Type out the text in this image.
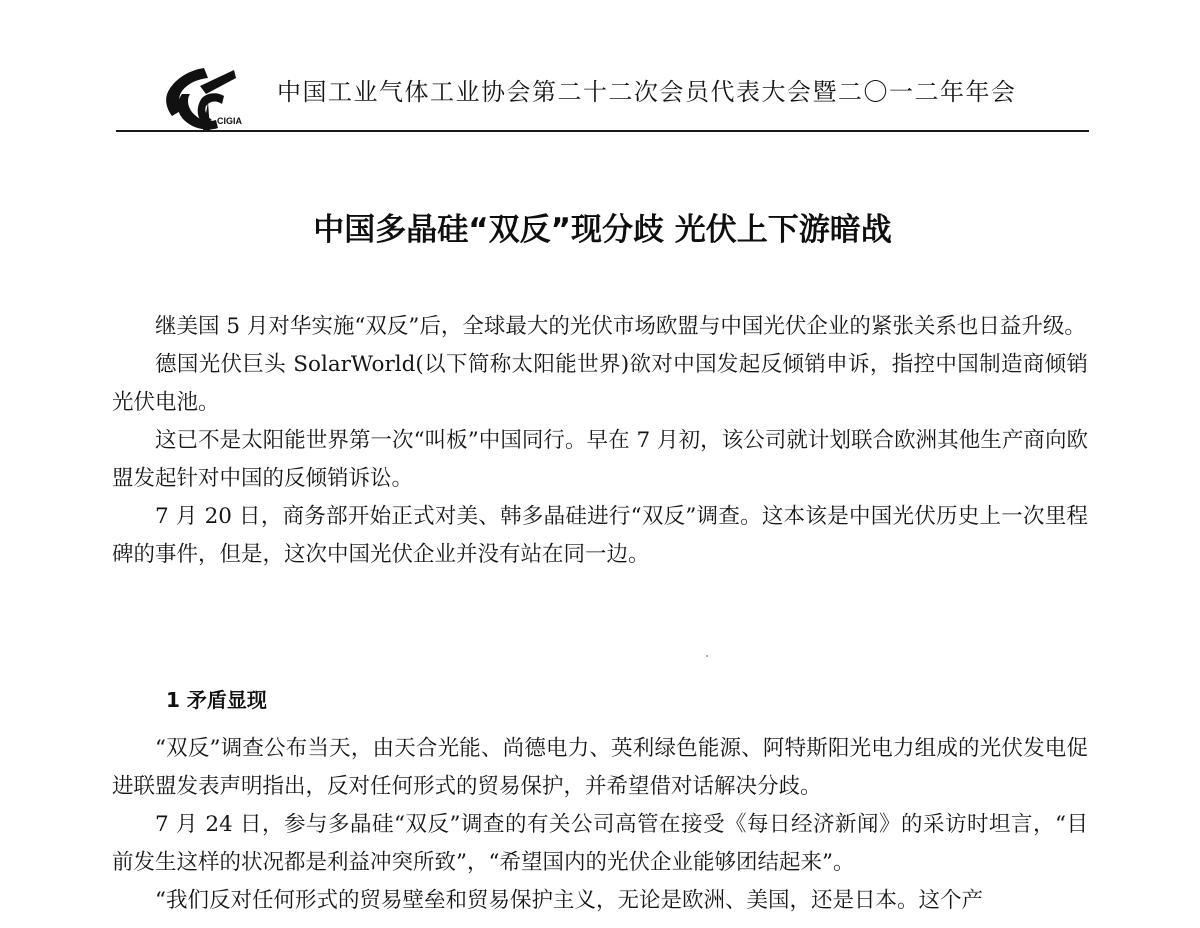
CIGIA
中国工业气体工业协会第二十二次会员代表大会暨二〇一二年年会
中国多晶硅“双反”现分歧 光伏上下游暗战

继美国 5 月对华实施“双反”后，全球最大的光伏市场欧盟与中国光伏企业的紧张关系也日益升级。

德国光伏巨头 SolarWorld(以下简称太阳能世界)欲对中国发起反倾销申诉，指控中国制造商倾销光伏电池。

这已不是太阳能世界第一次“叫板”中国同行。早在 7 月初，该公司就计划联合欧洲其他生产商向欧盟发起针对中国的反倾销诉讼。

7 月 20 日，商务部开始正式对美、韩多晶硅进行“双反”调查。这本该是中国光伏历史上一次里程碑的事件，但是，这次中国光伏企业并没有站在同一边。

1 矛盾显现

“双反”调查公布当天，由天合光能、尚德电力、英利绿色能源、阿特斯阳光电力组成的光伏发电促进联盟发表声明指出，反对任何形式的贸易保护，并希望借对话解决分歧。

7 月 24 日，参与多晶硅“双反”调查的有关公司高管在接受《每日经济新闻》的采访时坦言，“目前发生这样的状况都是利益冲突所致”，“希望国内的光伏企业能够团结起来”。

“我们反对任何形式的贸易壁垒和贸易保护主义，无论是欧洲、美国，还是日本。这个产
